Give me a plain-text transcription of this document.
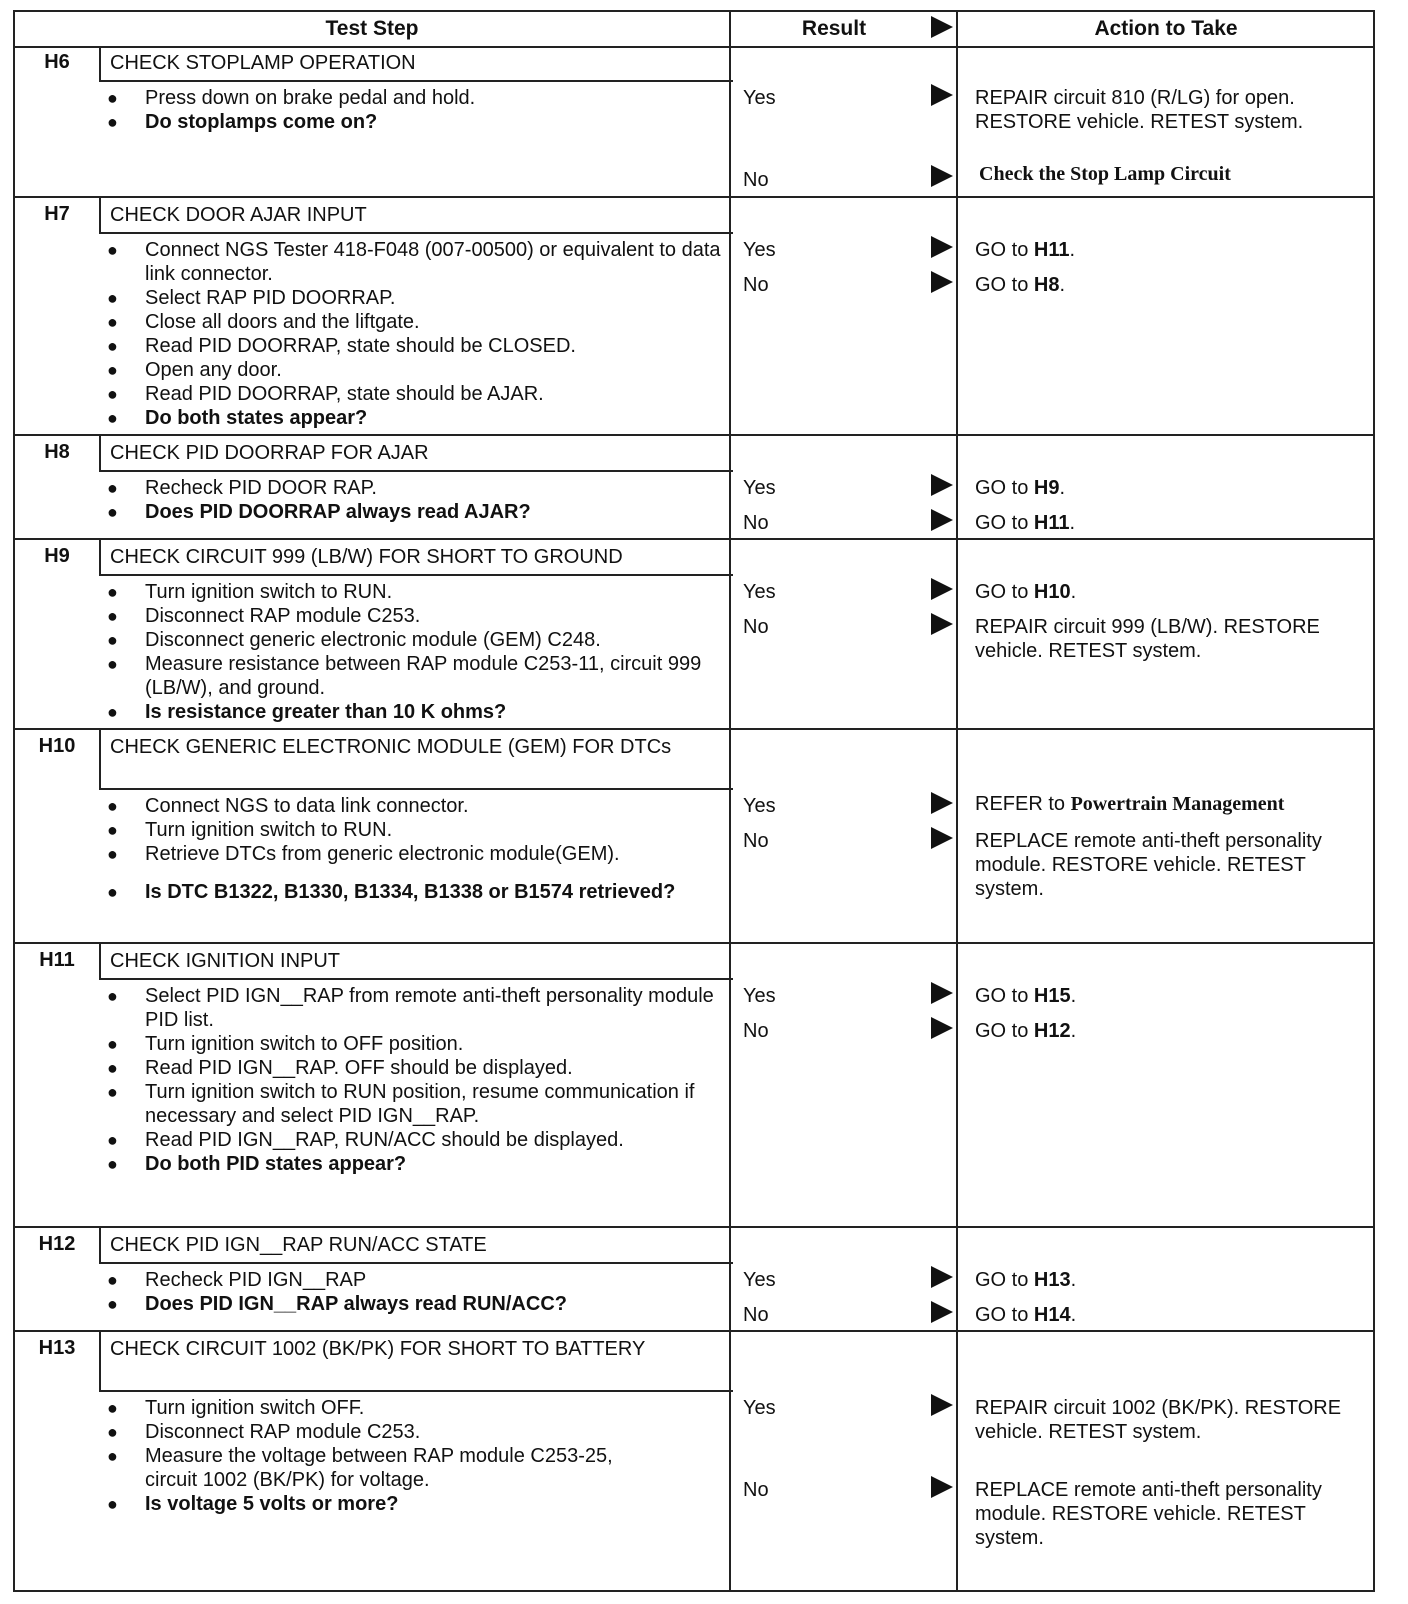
Test Step	Result	Action to Take
H6	CHECK STOPLAMP OPERATION
● Press down on brake pedal and hold.
● Do stoplamps come on?
Yes	REPAIR circuit 810 (R/LG) for open. RESTORE vehicle. RETEST system.
No	Check the Stop Lamp Circuit
H7	CHECK DOOR AJAR INPUT
● Connect NGS Tester 418-F048 (007-00500) or equivalent to data link connector.
● Select RAP PID DOORRAP.
● Close all doors and the liftgate.
● Read PID DOORRAP, state should be CLOSED.
● Open any door.
● Read PID DOORRAP, state should be AJAR.
● Do both states appear?
Yes	GO to H11.
No	GO to H8.
H8	CHECK PID DOORRAP FOR AJAR
● Recheck PID DOOR RAP.
● Does PID DOORRAP always read AJAR?
Yes	GO to H9.
No	GO to H11.
H9	CHECK CIRCUIT 999 (LB/W) FOR SHORT TO GROUND
● Turn ignition switch to RUN.
● Disconnect RAP module C253.
● Disconnect generic electronic module (GEM) C248.
● Measure resistance between RAP module C253-11, circuit 999 (LB/W), and ground.
● Is resistance greater than 10 K ohms?
Yes	GO to H10.
No	REPAIR circuit 999 (LB/W). RESTORE vehicle. RETEST system.
H10	CHECK GENERIC ELECTRONIC MODULE (GEM) FOR DTCs
● Connect NGS to data link connector.
● Turn ignition switch to RUN.
● Retrieve DTCs from generic electronic module(GEM).
● Is DTC B1322, B1330, B1334, B1338 or B1574 retrieved?
Yes	REFER to Powertrain Management
No	REPLACE remote anti-theft personality module. RESTORE vehicle. RETEST system.
H11	CHECK IGNITION INPUT
● Select PID IGN__RAP from remote anti-theft personality module PID list.
● Turn ignition switch to OFF position.
● Read PID IGN__RAP. OFF should be displayed.
● Turn ignition switch to RUN position, resume communication if necessary and select PID IGN__RAP.
● Read PID IGN__RAP, RUN/ACC should be displayed.
● Do both PID states appear?
Yes	GO to H15.
No	GO to H12.
H12	CHECK PID IGN__RAP RUN/ACC STATE
● Recheck PID IGN__RAP
● Does PID IGN__RAP always read RUN/ACC?
Yes	GO to H13.
No	GO to H14.
H13	CHECK CIRCUIT 1002 (BK/PK) FOR SHORT TO BATTERY
● Turn ignition switch OFF.
● Disconnect RAP module C253.
● Measure the voltage between RAP module C253-25, circuit 1002 (BK/PK) for voltage.
● Is voltage 5 volts or more?
Yes	REPAIR circuit 1002 (BK/PK). RESTORE vehicle. RETEST system.
No	REPLACE remote anti-theft personality module. RESTORE vehicle. RETEST system.
